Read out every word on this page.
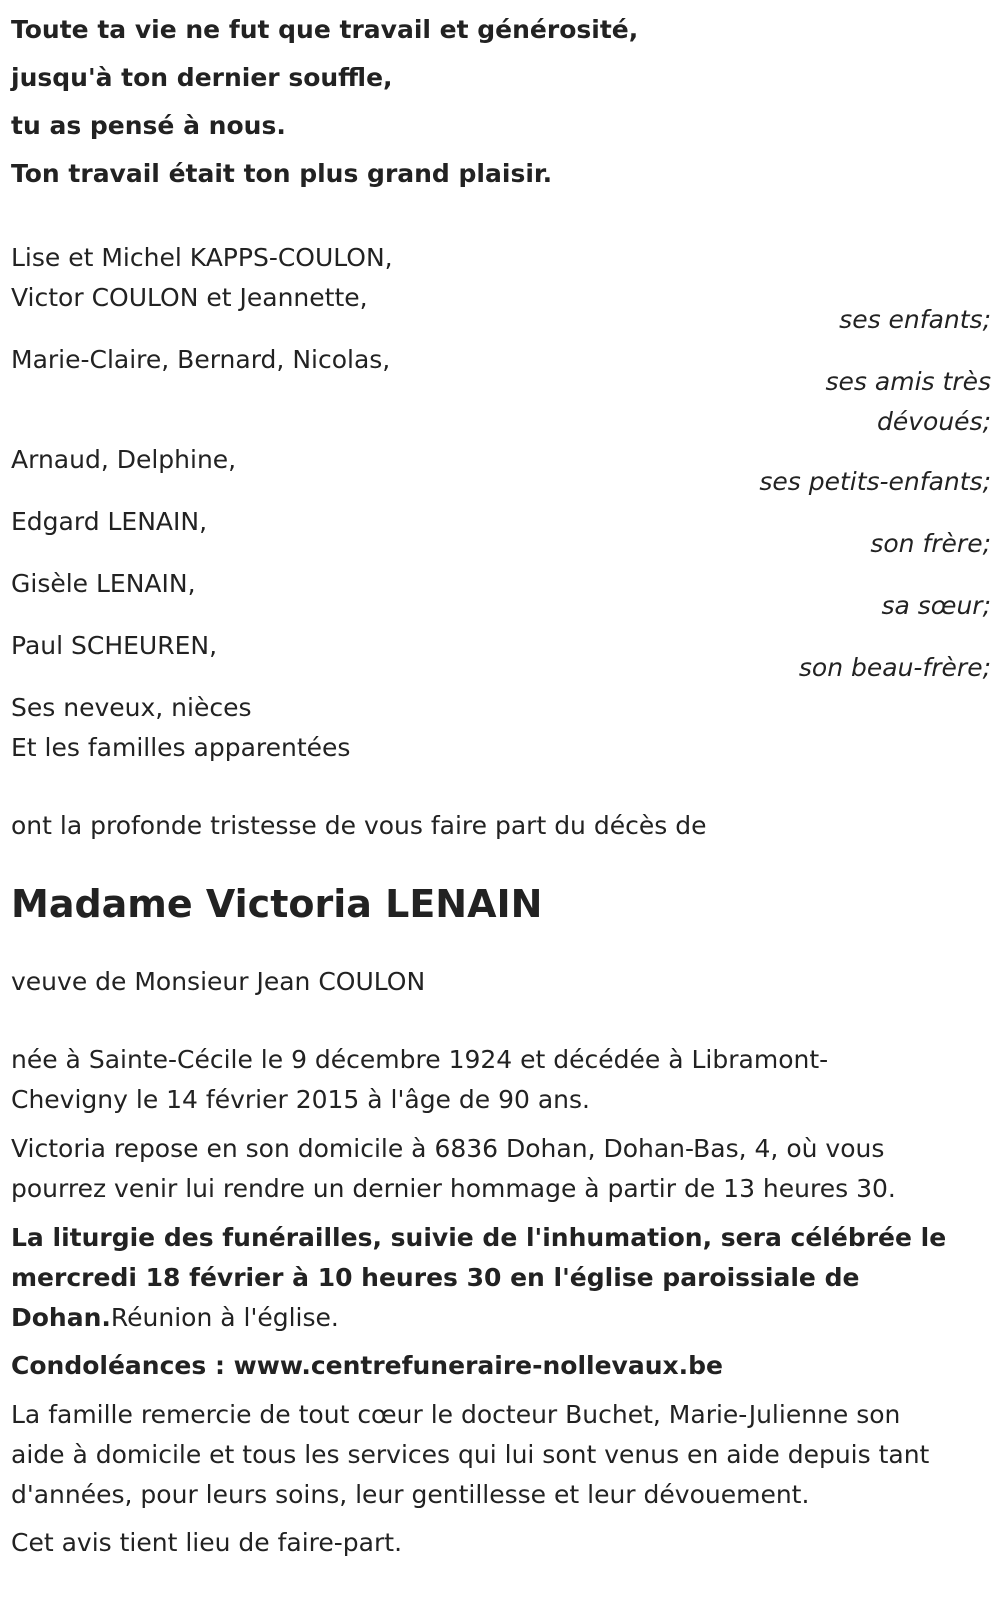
Toute ta vie ne fut que travail et générosité,
jusqu'à ton dernier souffle,
tu as pensé à nous.
Ton travail était ton plus grand plaisir.
Lise et Michel KAPPS-COULON,
Victor COULON et Jeannette,
ses enfants;
Marie-Claire, Bernard, Nicolas,
ses amis très
dévoués;
Arnaud, Delphine,
ses petits-enfants;
Edgard LENAIN,
son frère;
Gisèle LENAIN,
sa sœur;
Paul SCHEUREN,
son beau-frère;
Ses neveux, nièces
Et les familles apparentées
ont la profonde tristesse de vous faire part du décès de
Madame Victoria LENAIN
veuve de Monsieur Jean COULON
née à Sainte-Cécile le 9 décembre 1924 et décédée à Libramont-
Chevigny le 14 février 2015 à l'âge de 90 ans.
Victoria repose en son domicile à 6836 Dohan, Dohan-Bas, 4, où vous
pourrez venir lui rendre un dernier hommage à partir de 13 heures 30.
La liturgie des funérailles, suivie de l'inhumation, sera célébrée le
mercredi 18 février à 10 heures 30 en l'église paroissiale de
Dohan.Réunion à l'église.
Condoléances : www.centrefuneraire-nollevaux.be
La famille remercie de tout cœur le docteur Buchet, Marie-Julienne son
aide à domicile et tous les services qui lui sont venus en aide depuis tant
d'années, pour leurs soins, leur gentillesse et leur dévouement.
Cet avis tient lieu de faire-part.
